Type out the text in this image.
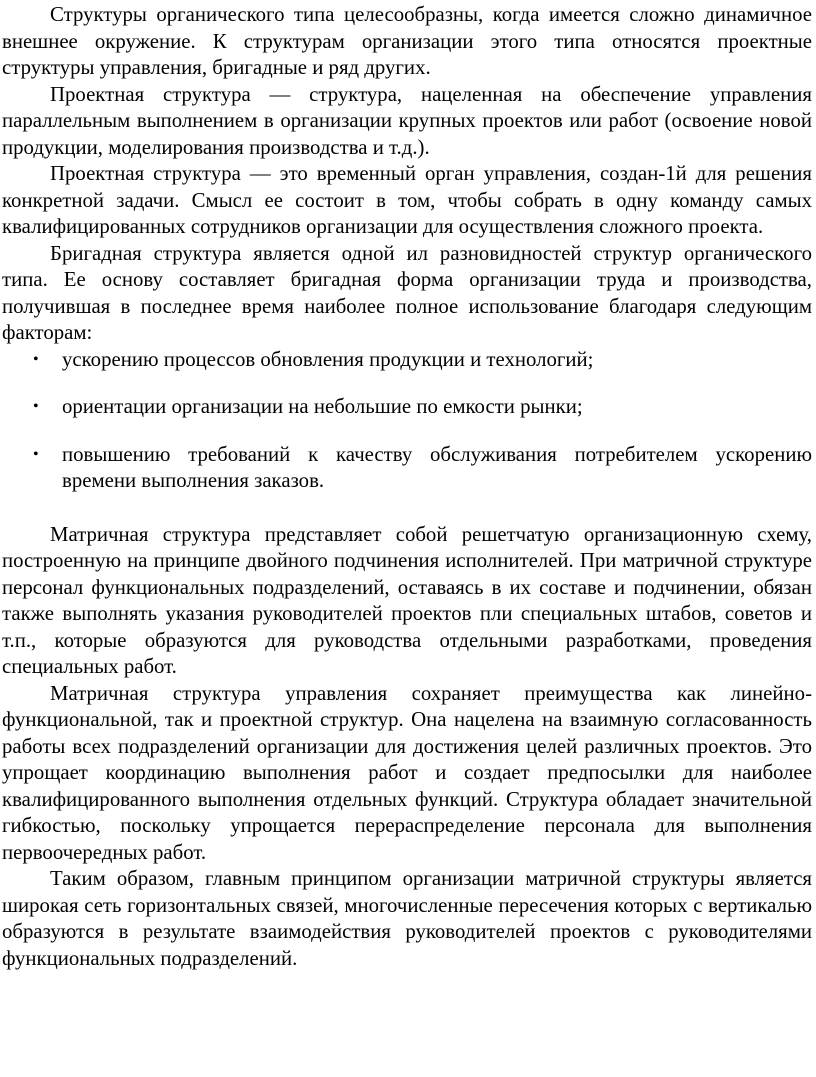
Структуры органического типа целесообразны, когда имеется сложно динамичное внешнее окружение. К структурам организации этого типа относятся проектные структуры управления, бригадные и ряд других.

Проектная структура — структура, нацеленная на обеспечение управления параллельным выполнением в организации крупных проектов или работ (освоение новой продукции, моделирования производства и т.д.).

Проектная структура — это временный орган управления, создан-1й для решения конкретной задачи. Смысл ее состоит в том, чтобы собрать в одну команду самых квалифицированных сотрудников организации для осуществления сложного проекта.

Бригадная структура является одной ил разновидностей структур органического типа. Ее основу составляет бригадная форма организации труда и производства, получившая в последнее время наиболее полное использование благодаря следующим факторам:

• ускорению процессов обновления продукции и технологий;
• ориентации организации на небольшие по емкости рынки;
• повышению требований к качеству обслуживания потребителем ускорению времени выполнения заказов.

Матричная структура представляет собой решетчатую организационную схему, построенную на принципе двойного подчинения исполнителей. При матричной структуре персонал функциональных подразделений, оставаясь в их составе и подчинении, обязан также выполнять указания руководителей проектов пли специальных штабов, советов и т.п., которые образуются для руководства отдельными разработками, проведения специальных работ.

Матричная структура управления сохраняет преимущества как линейно-функциональной, так и проектной структур. Она нацелена на взаимную согласованность работы всех подразделений организации для достижения целей различных проектов. Это упрощает координацию выполнения работ и создает предпосылки для наиболее квалифицированного выполнения отдельных функций. Структура обладает значительной гибкостью, поскольку упрощается перераспределение персонала для выполнения первоочередных работ.

Таким образом, главным принципом организации матричной структуры является широкая сеть горизонтальных связей, многочисленные пересечения которых с вертикалью образуются в результате взаимодействия руководителей проектов с руководителями функциональных подразделений.
